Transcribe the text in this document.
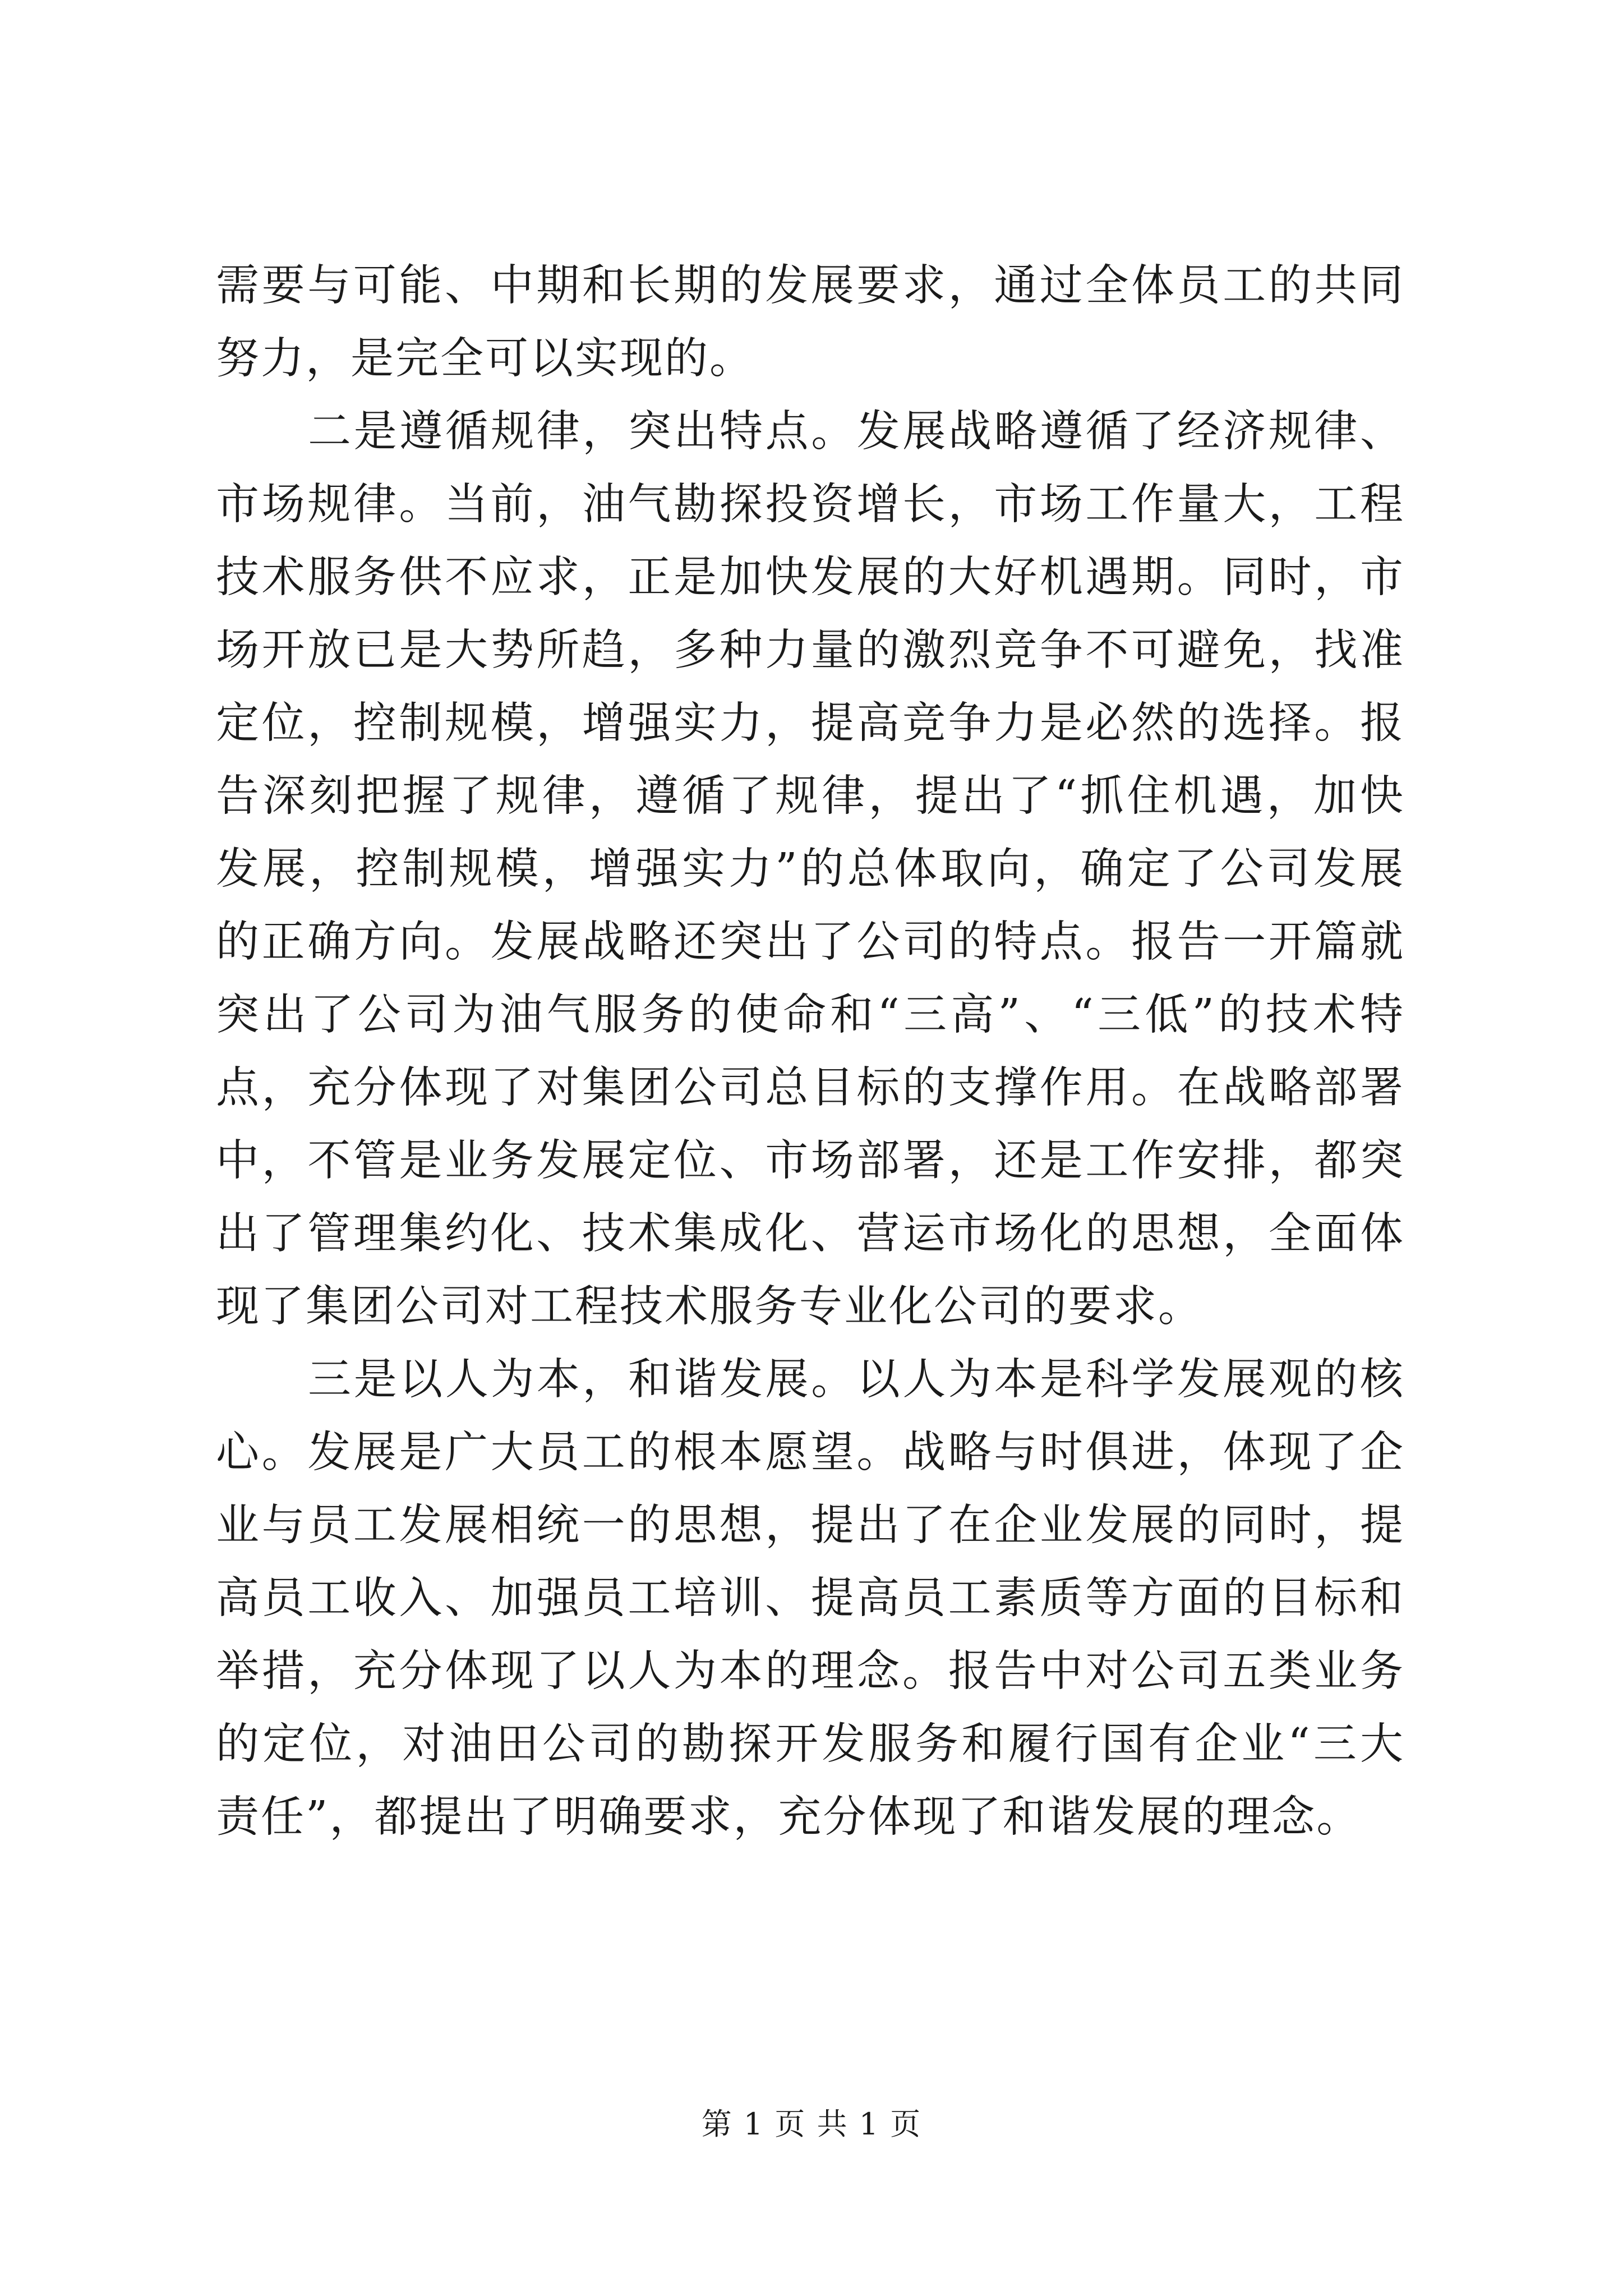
需要与可能、中期和长期的发展要求，通过全体员工的共同努力，是完全可以实现的。

二是遵循规律，突出特点。发展战略遵循了经济规律、市场规律。当前，油气勘探投资增长，市场工作量大，工程技术服务供不应求，正是加快发展的大好机遇期。同时，市场开放已是大势所趋，多种力量的激烈竞争不可避免，找准定位，控制规模，增强实力，提高竞争力是必然的选择。报告深刻把握了规律，遵循了规律，提出了“抓住机遇，加快发展，控制规模，增强实力”的总体取向，确定了公司发展的正确方向。发展战略还突出了公司的特点。报告一开篇就突出了公司为油气服务的使命和“三高”、“三低”的技术特点，充分体现了对集团公司总目标的支撑作用。在战略部署中，不管是业务发展定位、市场部署，还是工作安排，都突出了管理集约化、技术集成化、营运市场化的思想，全面体现了集团公司对工程技术服务专业化公司的要求。

三是以人为本，和谐发展。以人为本是科学发展观的核心。发展是广大员工的根本愿望。战略与时俱进，体现了企业与员工发展相统一的思想，提出了在企业发展的同时，提高员工收入、加强员工培训、提高员工素质等方面的目标和举措，充分体现了以人为本的理念。报告中对公司五类业务的定位，对油田公司的勘探开发服务和履行国有企业“三大责任”，都提出了明确要求，充分体现了和谐发展的理念。

第 1 页 共 1 页
